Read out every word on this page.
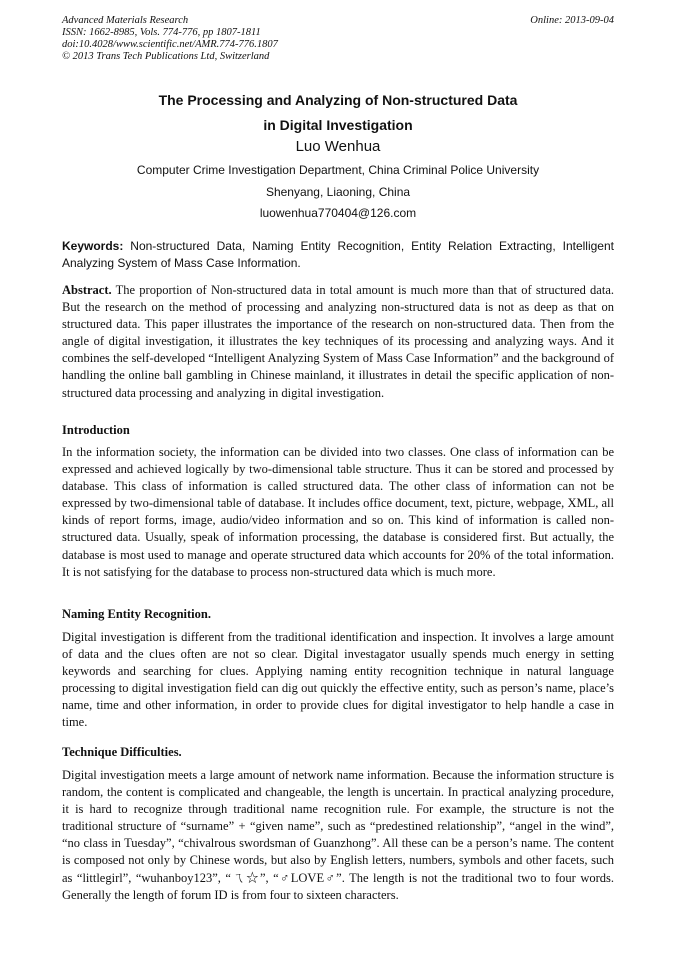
Advanced Materials Research
ISSN: 1662-8985, Vols. 774-776, pp 1807-1811
doi:10.4028/www.scientific.net/AMR.774-776.1807
© 2013 Trans Tech Publications Ltd, Switzerland
Online: 2013-09-04
The Processing and Analyzing of Non-structured Data
in Digital Investigation
Luo Wenhua
Computer Crime Investigation Department, China Criminal Police University
Shenyang, Liaoning, China
luowenhua770404@126.com
Keywords: Non-structured Data, Naming Entity Recognition, Entity Relation Extracting, Intelligent Analyzing System of Mass Case Information.
Abstract. The proportion of Non-structured data in total amount is much more than that of structured data. But the research on the method of processing and analyzing non-structured data is not as deep as that on structured data. This paper illustrates the importance of the research on non-structured data. Then from the angle of digital investigation, it illustrates the key techniques of its processing and analyzing ways. And it combines the self-developed “Intelligent Analyzing System of Mass Case Information” and the background of handling the online ball gambling in Chinese mainland, it illustrates in detail the specific application of non-structured data processing and analyzing in digital investigation.
Introduction
In the information society, the information can be divided into two classes. One class of information can be expressed and achieved logically by two-dimensional table structure. Thus it can be stored and processed by database. This class of information is called structured data. The other class of information can not be expressed by two-dimensional table of database. It includes office document, text, picture, webpage, XML, all kinds of report forms, image, audio/video information and so on. This kind of information is called non-structured data. Usually, speak of information processing, the database is considered first. But actually, the database is most used to manage and operate structured data which accounts for 20% of the total information. It is not satisfying for the database to process non-structured data which is much more.
Naming Entity Recognition.
Digital investigation is different from the traditional identification and inspection. It involves a large amount of data and the clues often are not so clear. Digital investagator usually spends much energy in setting keywords and searching for clues. Applying naming entity recognition technique in natural language processing to digital investigation field can dig out quickly the effective entity, such as person’s name, place’s name, time and other information, in order to provide clues for digital investigator to help handle a case in time.
Technique Difficulties.
Digital investigation meets a large amount of network name information. Because the information structure is random, the content is complicated and changeable, the length is uncertain. In practical analyzing procedure, it is hard to recognize through traditional name recognition rule. For example, the structure is not the traditional structure of “surname” + “given name”, such as “predestined relationship”, “angel in the wind”, “no class in Tuesday”, “chivalrous swordsman of Guanzhong”. All these can be a person’s name. The content is composed not only by Chinese words, but also by English letters, numbers, symbols and other facets, such as “littlegirl”, “wuhanboy123”, “ㄟ☆”, “♂LOVE♂”. The length is not the traditional two to four words. Generally the length of forum ID is from four to sixteen characters.
